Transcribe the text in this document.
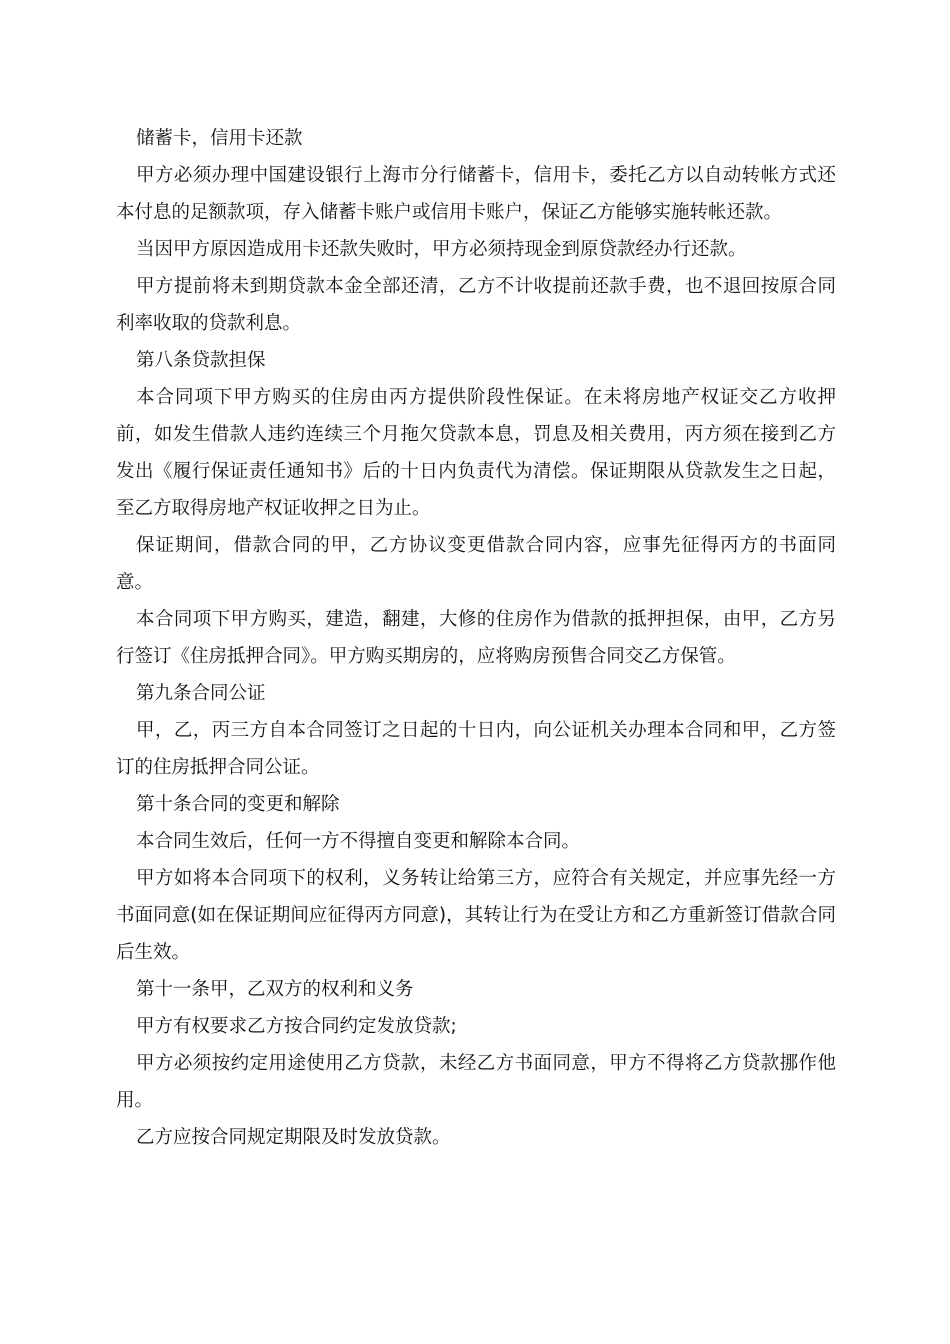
储蓄卡，信用卡还款

甲方必须办理中国建设银行上海市分行储蓄卡，信用卡，委托乙方以自动转帐方式还本付息的足额款项，存入储蓄卡账户或信用卡账户，保证乙方能够实施转帐还款。

当因甲方原因造成用卡还款失败时，甲方必须持现金到原贷款经办行还款。

甲方提前将未到期贷款本金全部还清，乙方不计收提前还款手费，也不退回按原合同利率收取的贷款利息。

第八条贷款担保

本合同项下甲方购买的住房由丙方提供阶段性保证。在未将房地产权证交乙方收押前，如发生借款人违约连续三个月拖欠贷款本息，罚息及相关费用，丙方须在接到乙方发出《履行保证责任通知书》后的十日内负责代为清偿。保证期限从贷款发生之日起，至乙方取得房地产权证收押之日为止。

保证期间，借款合同的甲，乙方协议变更借款合同内容，应事先征得丙方的书面同意。

本合同项下甲方购买，建造，翻建，大修的住房作为借款的抵押担保，由甲，乙方另行签订《住房抵押合同》。甲方购买期房的，应将购房预售合同交乙方保管。

第九条合同公证

甲，乙，丙三方自本合同签订之日起的十日内，向公证机关办理本合同和甲，乙方签订的住房抵押合同公证。

第十条合同的变更和解除

本合同生效后，任何一方不得擅自变更和解除本合同。

甲方如将本合同项下的权利，义务转让给第三方，应符合有关规定，并应事先经一方书面同意(如在保证期间应征得丙方同意)，其转让行为在受让方和乙方重新签订借款合同后生效。

第十一条甲，乙双方的权利和义务

甲方有权要求乙方按合同约定发放贷款;

甲方必须按约定用途使用乙方贷款，未经乙方书面同意，甲方不得将乙方贷款挪作他用。

乙方应按合同规定期限及时发放贷款。
